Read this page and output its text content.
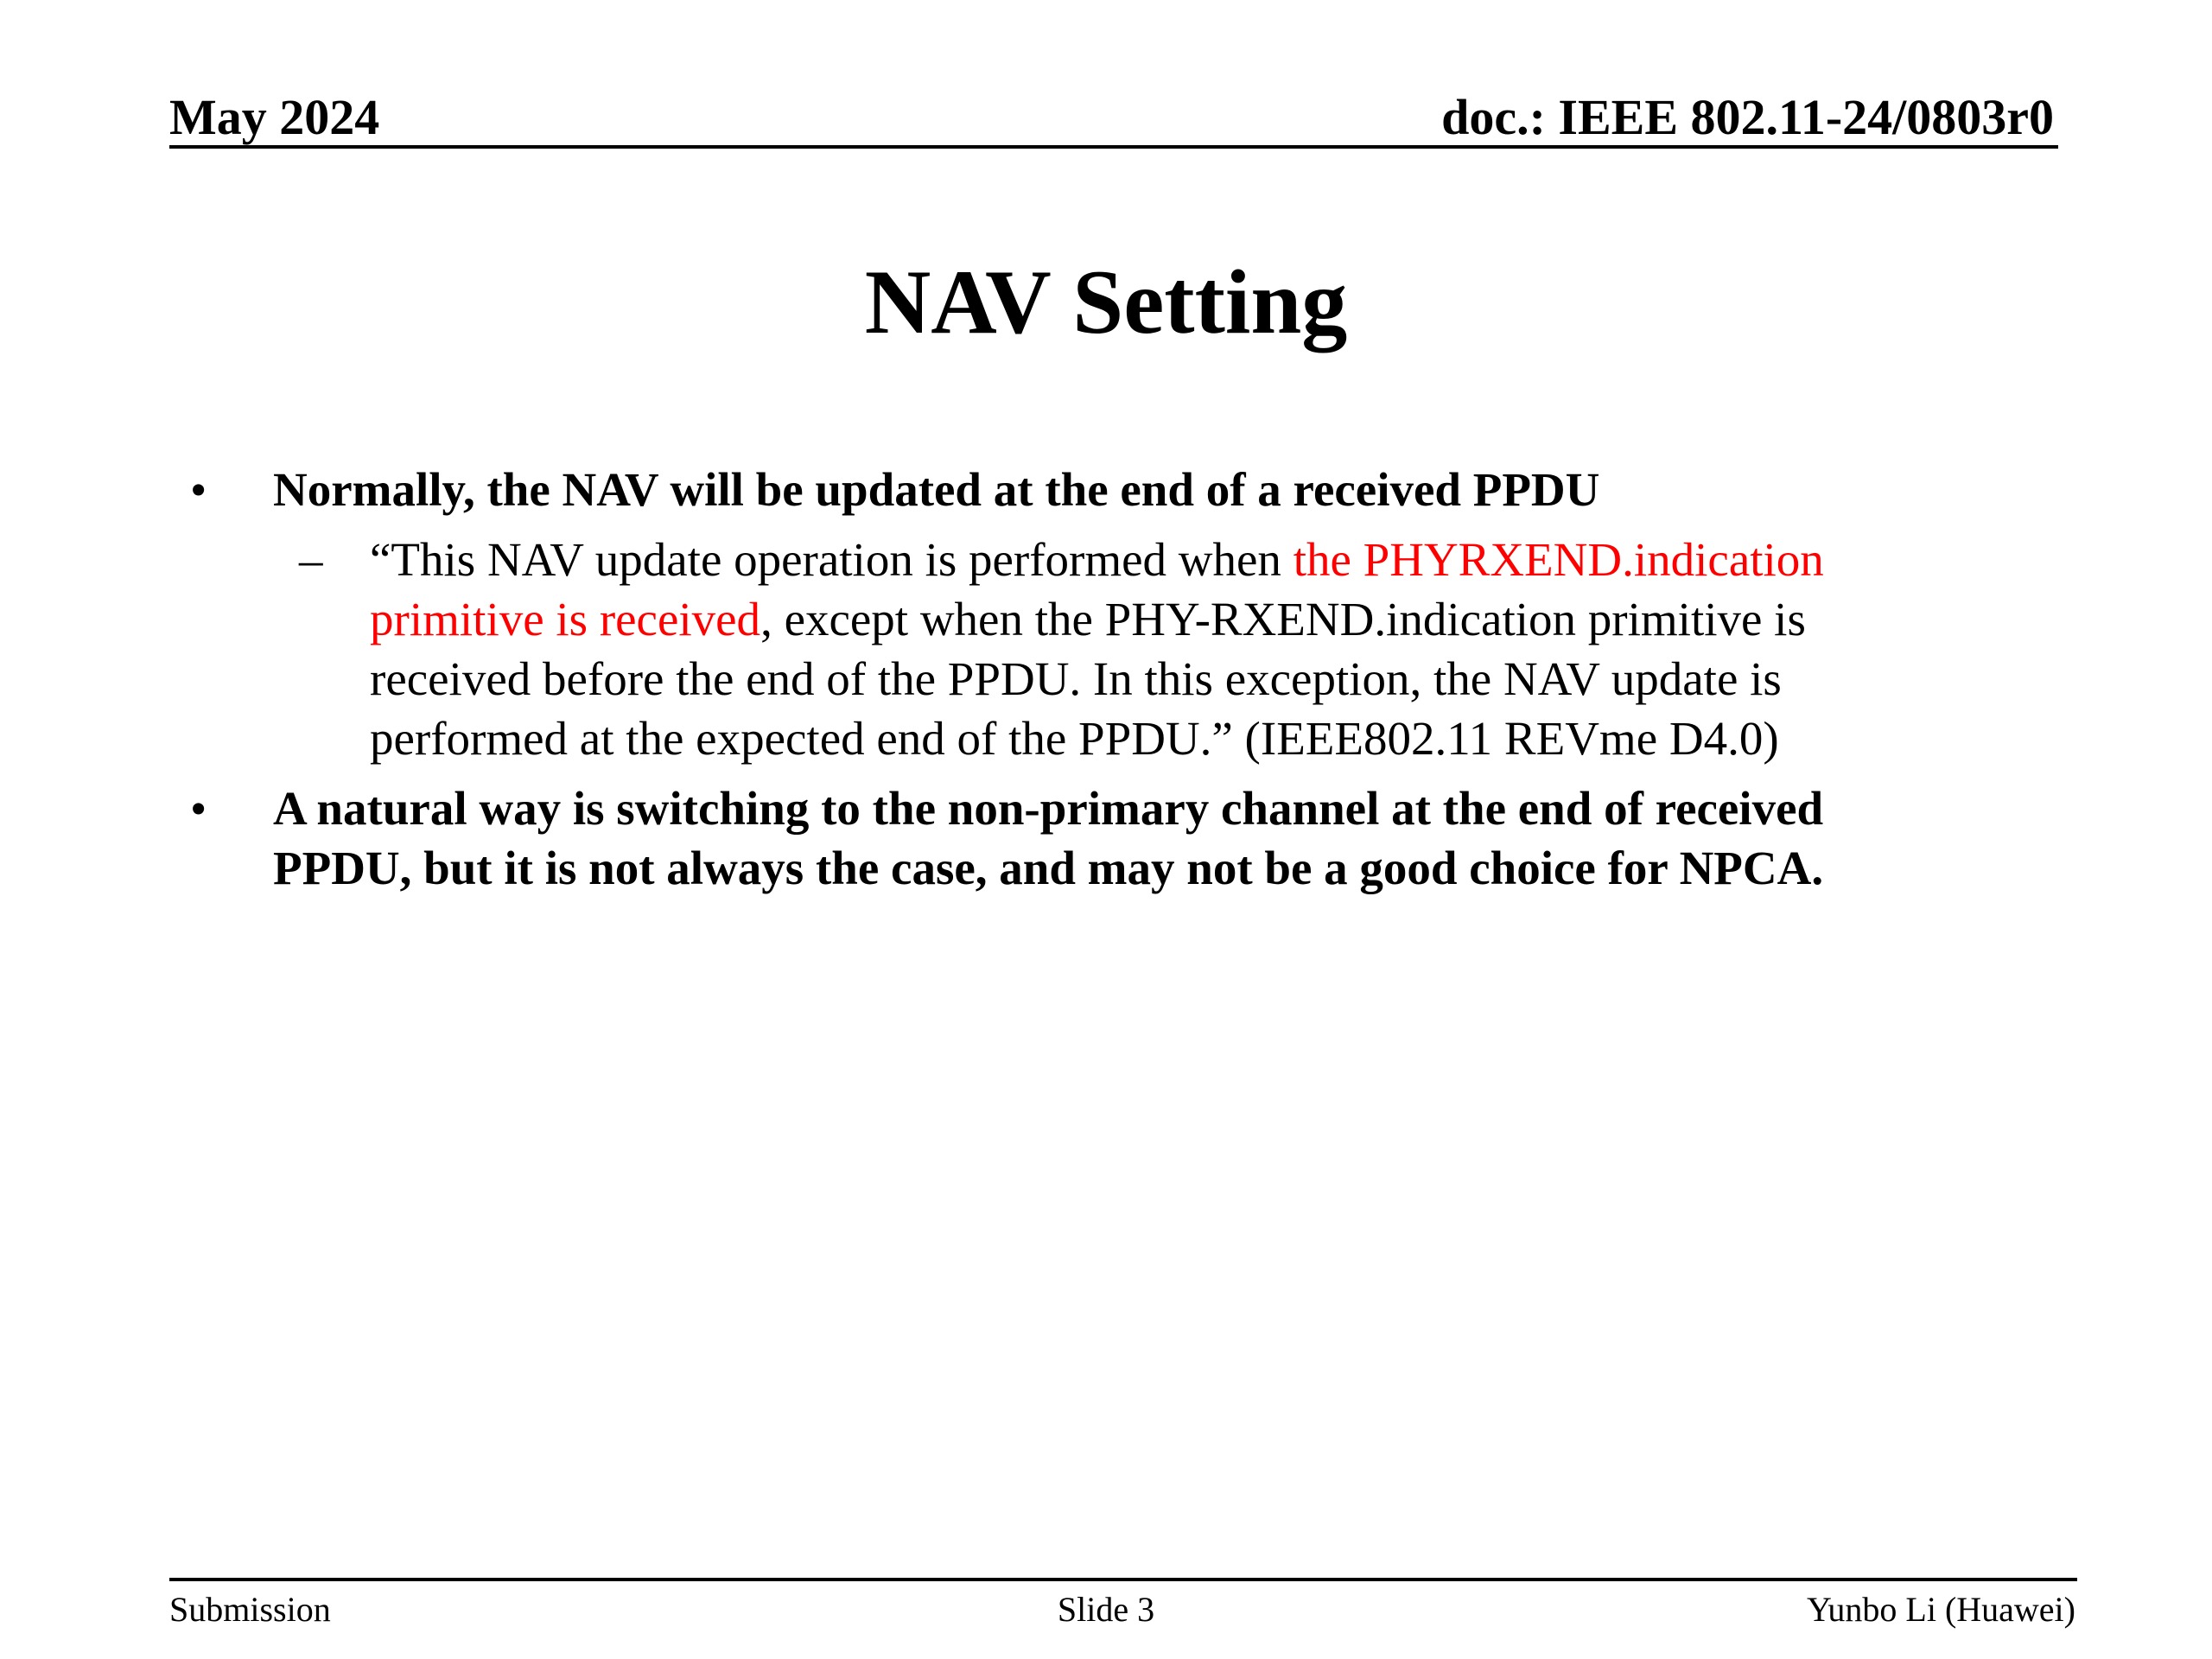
May 2024	doc.: IEEE 802.11-24/0803r0
NAV Setting
• Normally, the NAV will be updated at the end of a received PPDU
– “This NAV update operation is performed when the PHYRXEND.indication
primitive is received, except when the PHY-RXEND.indication primitive is
received before the end of the PPDU. In this exception, the NAV update is
performed at the expected end of the PPDU.” (IEEE802.11 REVme D4.0)
• A natural way is switching to the non-primary channel at the end of received
PPDU, but it is not always the case, and may not be a good choice for NPCA.
Submission	Slide 3	Yunbo Li (Huawei)
